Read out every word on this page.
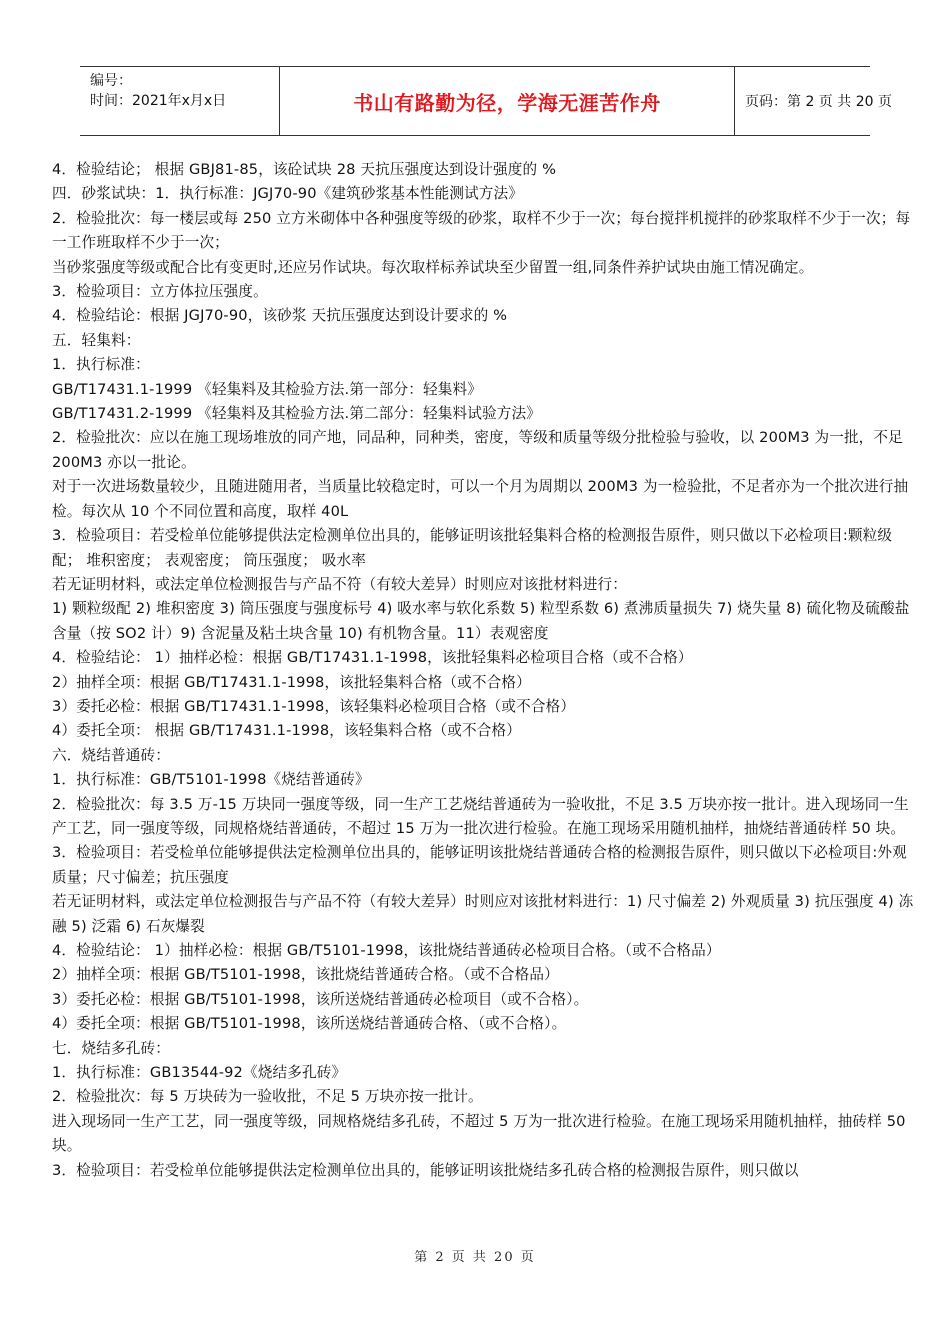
编号：
时间：2021年x月x日	书山有路勤为径，学海无涯苦作舟	页码：第 2 页 共 20 页

4．检验结论； 根据 GBJ81-85，该砼试块 28 天抗压强度达到设计强度的 %

四．砂浆试块：1．执行标准：JGJ70-90《建筑砂浆基本性能测试方法》

2．检验批次：每一楼层或每 250 立方米砌体中各种强度等级的砂浆，取样不少于一次；每台搅拌机搅拌的砂浆取样不少于一次；每一工作班取样不少于一次；

当砂浆强度等级或配合比有变更时,还应另作试块。每次取样标养试块至少留置一组,同条件养护试块由施工情况确定。

3．检验项目：立方体拉压强度。

4．检验结论：根据 JGJ70-90，该砂浆 天抗压强度达到设计要求的 %

五．轻集料：

1．执行标准：

GB/T17431.1-1999 《轻集料及其检验方法.第一部分：轻集料》

GB/T17431.2-1999 《轻集料及其检验方法.第二部分：轻集料试验方法》

2．检验批次：应以在施工现场堆放的同产地，同品种，同种类，密度，等级和质量等级分批检验与验收，以 200M3 为一批，不足 200M3 亦以一批论。

对于一次进场数量较少，且随进随用者，当质量比较稳定时，可以一个月为周期以 200M3 为一检验批，不足者亦为一个批次进行抽检。每次从 10 个不同位置和高度，取样 40L

3．检验项目：若受检单位能够提供法定检测单位出具的，能够证明该批轻集料合格的检测报告原件，则只做以下必检项目:颗粒级配； 堆积密度； 表观密度； 筒压强度； 吸水率

若无证明材料，或法定单位检测报告与产品不符（有较大差异）时则应对该批材料进行：

1) 颗粒级配 2) 堆积密度 3) 筒压强度与强度标号 4) 吸水率与软化系数 5) 粒型系数 6) 煮沸质量损失 7) 烧失量 8) 硫化物及硫酸盐含量（按 SO2 计）9) 含泥量及粘土块含量 10) 有机物含量。11）表观密度

4．检验结论： 1）抽样必检：根据 GB/T17431.1-1998，该批轻集料必检项目合格（或不合格）

2）抽样全项：根据 GB/T17431.1-1998，该批轻集料合格（或不合格）

3）委托必检：根据 GB/T17431.1-1998，该轻集料必检项目合格（或不合格）

4）委托全项： 根据 GB/T17431.1-1998，该轻集料合格（或不合格）

六．烧结普通砖：

1．执行标准：GB/T5101-1998《烧结普通砖》

2．检验批次：每 3.5 万-15 万块同一强度等级，同一生产工艺烧结普通砖为一验收批，不足 3.5 万块亦按一批计。进入现场同一生产工艺，同一强度等级，同规格烧结普通砖，不超过 15 万为一批次进行检验。在施工现场采用随机抽样，抽烧结普通砖样 50 块。

3．检验项目：若受检单位能够提供法定检测单位出具的，能够证明该批烧结普通砖合格的检测报告原件，则只做以下必检项目:外观质量；尺寸偏差；抗压强度

若无证明材料，或法定单位检测报告与产品不符（有较大差异）时则应对该批材料进行：1) 尺寸偏差 2) 外观质量 3) 抗压强度 4) 冻融 5) 泛霜 6) 石灰爆裂

4．检验结论： 1）抽样必检：根据 GB/T5101-1998，该批烧结普通砖必检项目合格。（或不合格品）

2）抽样全项：根据 GB/T5101-1998，该批烧结普通砖合格。（或不合格品）

3）委托必检：根据 GB/T5101-1998，该所送烧结普通砖必检项目（或不合格）。

4）委托全项：根据 GB/T5101-1998，该所送烧结普通砖合格、（或不合格）。

七．烧结多孔砖：

1．执行标准：GB13544-92《烧结多孔砖》

2．检验批次：每 5 万块砖为一验收批，不足 5 万块亦按一批计。

进入现场同一生产工艺，同一强度等级，同规格烧结多孔砖，不超过 5 万为一批次进行检验。在施工现场采用随机抽样，抽砖样 50 块。

3．检验项目：若受检单位能够提供法定检测单位出具的，能够证明该批烧结多孔砖合格的检测报告原件，则只做以

第 2 页 共 20 页
